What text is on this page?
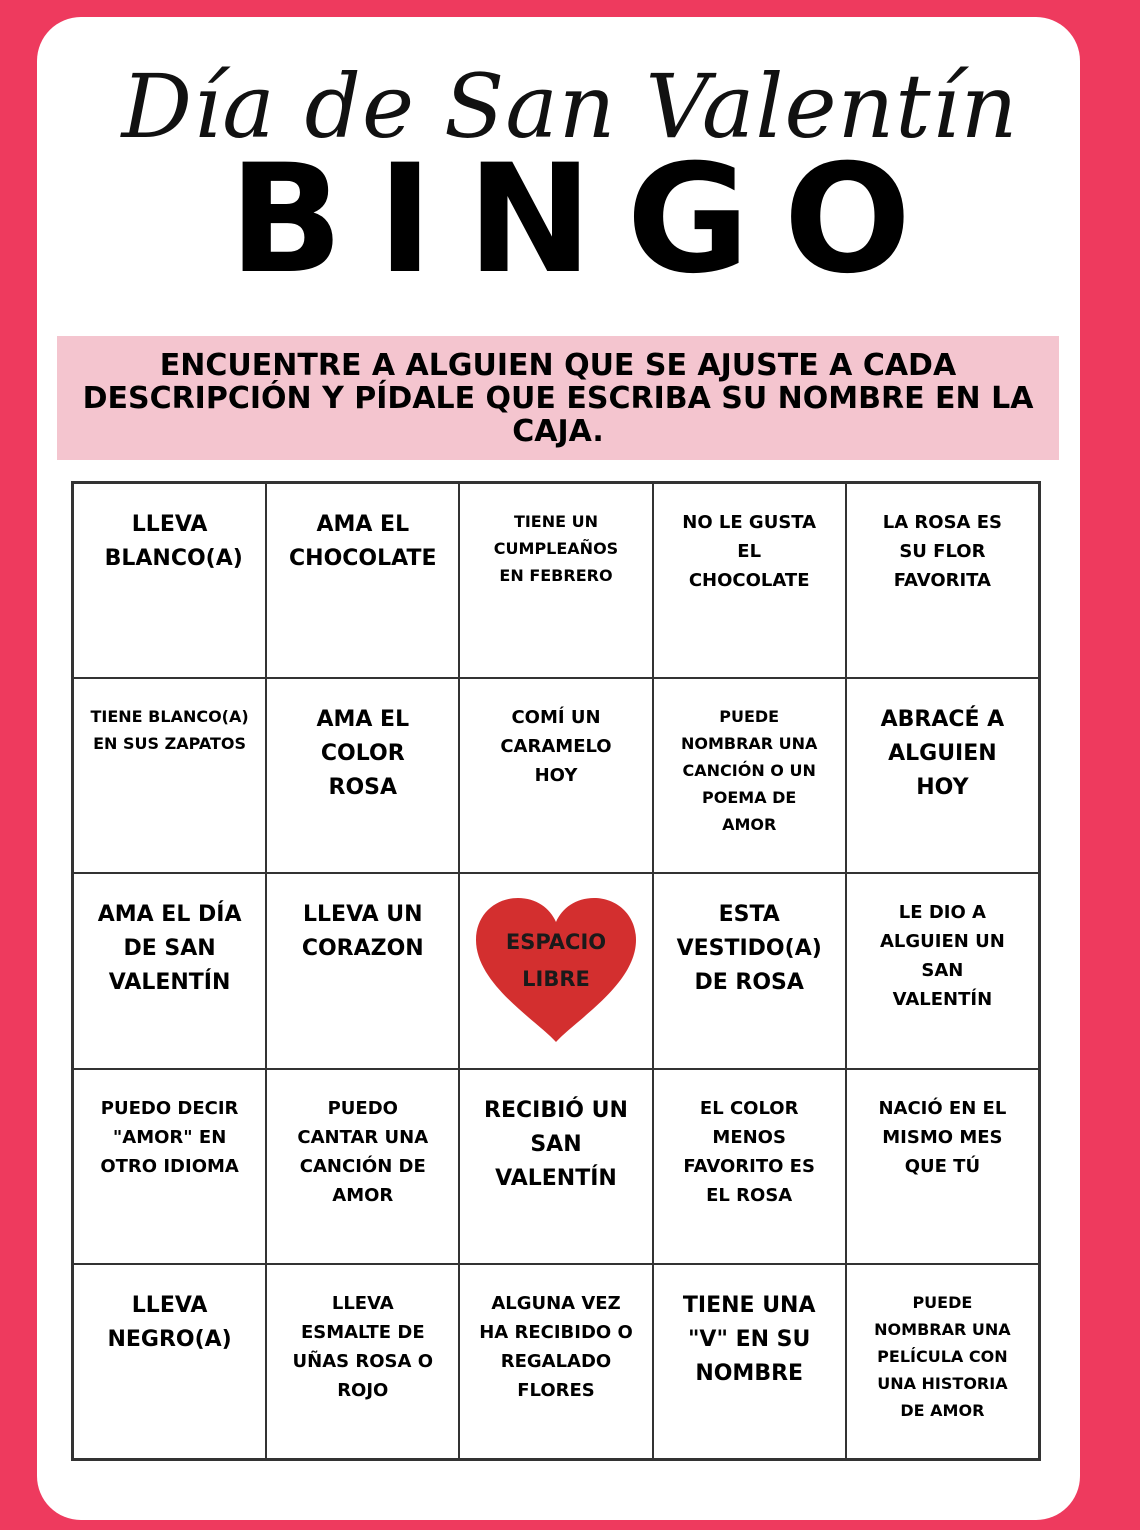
Día de San Valentín
BINGO
ENCUENTRE A ALGUIEN QUE SE AJUSTE A CADA DESCRIPCIÓN Y PÍDALE QUE ESCRIBA SU NOMBRE EN LA CAJA.
LLEVA BLANCO(A)
AMA EL CHOCOLATE
TIENE UN CUMPLEAÑOS EN FEBRERO
NO LE GUSTA EL CHOCOLATE
LA ROSA ES SU FLOR FAVORITA
TIENE BLANCO(A) EN SUS ZAPATOS
AMA EL COLOR ROSA
COMÍ UN CARAMELO HOY
PUEDE NOMBRAR UNA CANCIÓN O UN POEMA DE AMOR
ABRACÉ A ALGUIEN HOY
AMA EL DÍA DE SAN VALENTÍN
LLEVA UN CORAZON	ESPACIO
LIBRE
ESTA VESTIDO(A) DE ROSA
LE DIO A ALGUIEN UN SAN VALENTÍN
PUEDO DECIR "AMOR" EN OTRO IDIOMA
PUEDO CANTAR UNA CANCIÓN DE AMOR
RECIBIÓ UN SAN VALENTÍN
EL COLOR MENOS FAVORITO ES EL ROSA
NACIÓ EN EL MISMO MES QUE TÚ
LLEVA NEGRO(A)
LLEVA ESMALTE DE UÑAS ROSA O ROJO
ALGUNA VEZ HA RECIBIDO O REGALADO FLORES
TIENE UNA "V" EN SU NOMBRE
PUEDE NOMBRAR UNA PELÍCULA CON UNA HISTORIA DE AMOR
